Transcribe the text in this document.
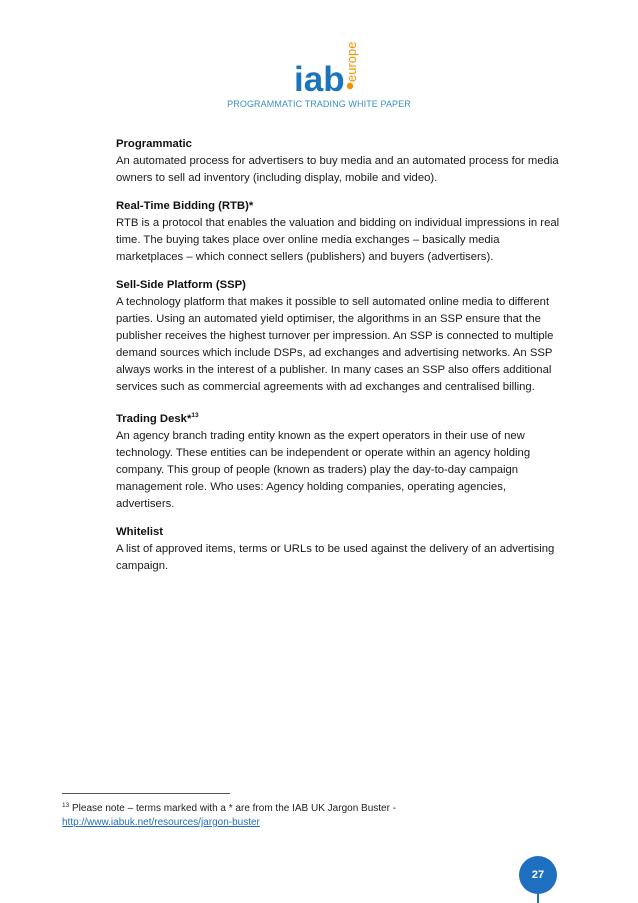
iab europe
PROGRAMMATIC TRADING WHITE PAPER
Programmatic
An automated process for advertisers to buy media and an automated process for media owners to sell ad inventory (including display, mobile and video).
Real-Time Bidding (RTB)*
RTB is a protocol that enables the valuation and bidding on individual impressions in real time. The buying takes place over online media exchanges – basically media marketplaces – which connect sellers (publishers) and buyers (advertisers).
Sell-Side Platform (SSP)
A technology platform that makes it possible to sell automated online media to different parties. Using an automated yield optimiser, the algorithms in an SSP ensure that the publisher receives the highest turnover per impression. An SSP is connected to multiple demand sources which include DSPs, ad exchanges and advertising networks. An SSP always works in the interest of a publisher. In many cases an SSP also offers additional services such as commercial agreements with ad exchanges and centralised billing.
Trading Desk*$^{13}$
An agency branch trading entity known as the expert operators in their use of new technology. These entities can be independent or operate within an agency holding company. This group of people (known as traders) play the day-to-day campaign management role. Who uses: Agency holding companies, operating agencies, advertisers.
Whitelist
A list of approved items, terms or URLs to be used against the delivery of an advertising campaign.
$^{13}$ Please note – terms marked with a * are from the IAB UK Jargon Buster -
http://www.iabuk.net/resources/jargon-buster
27
